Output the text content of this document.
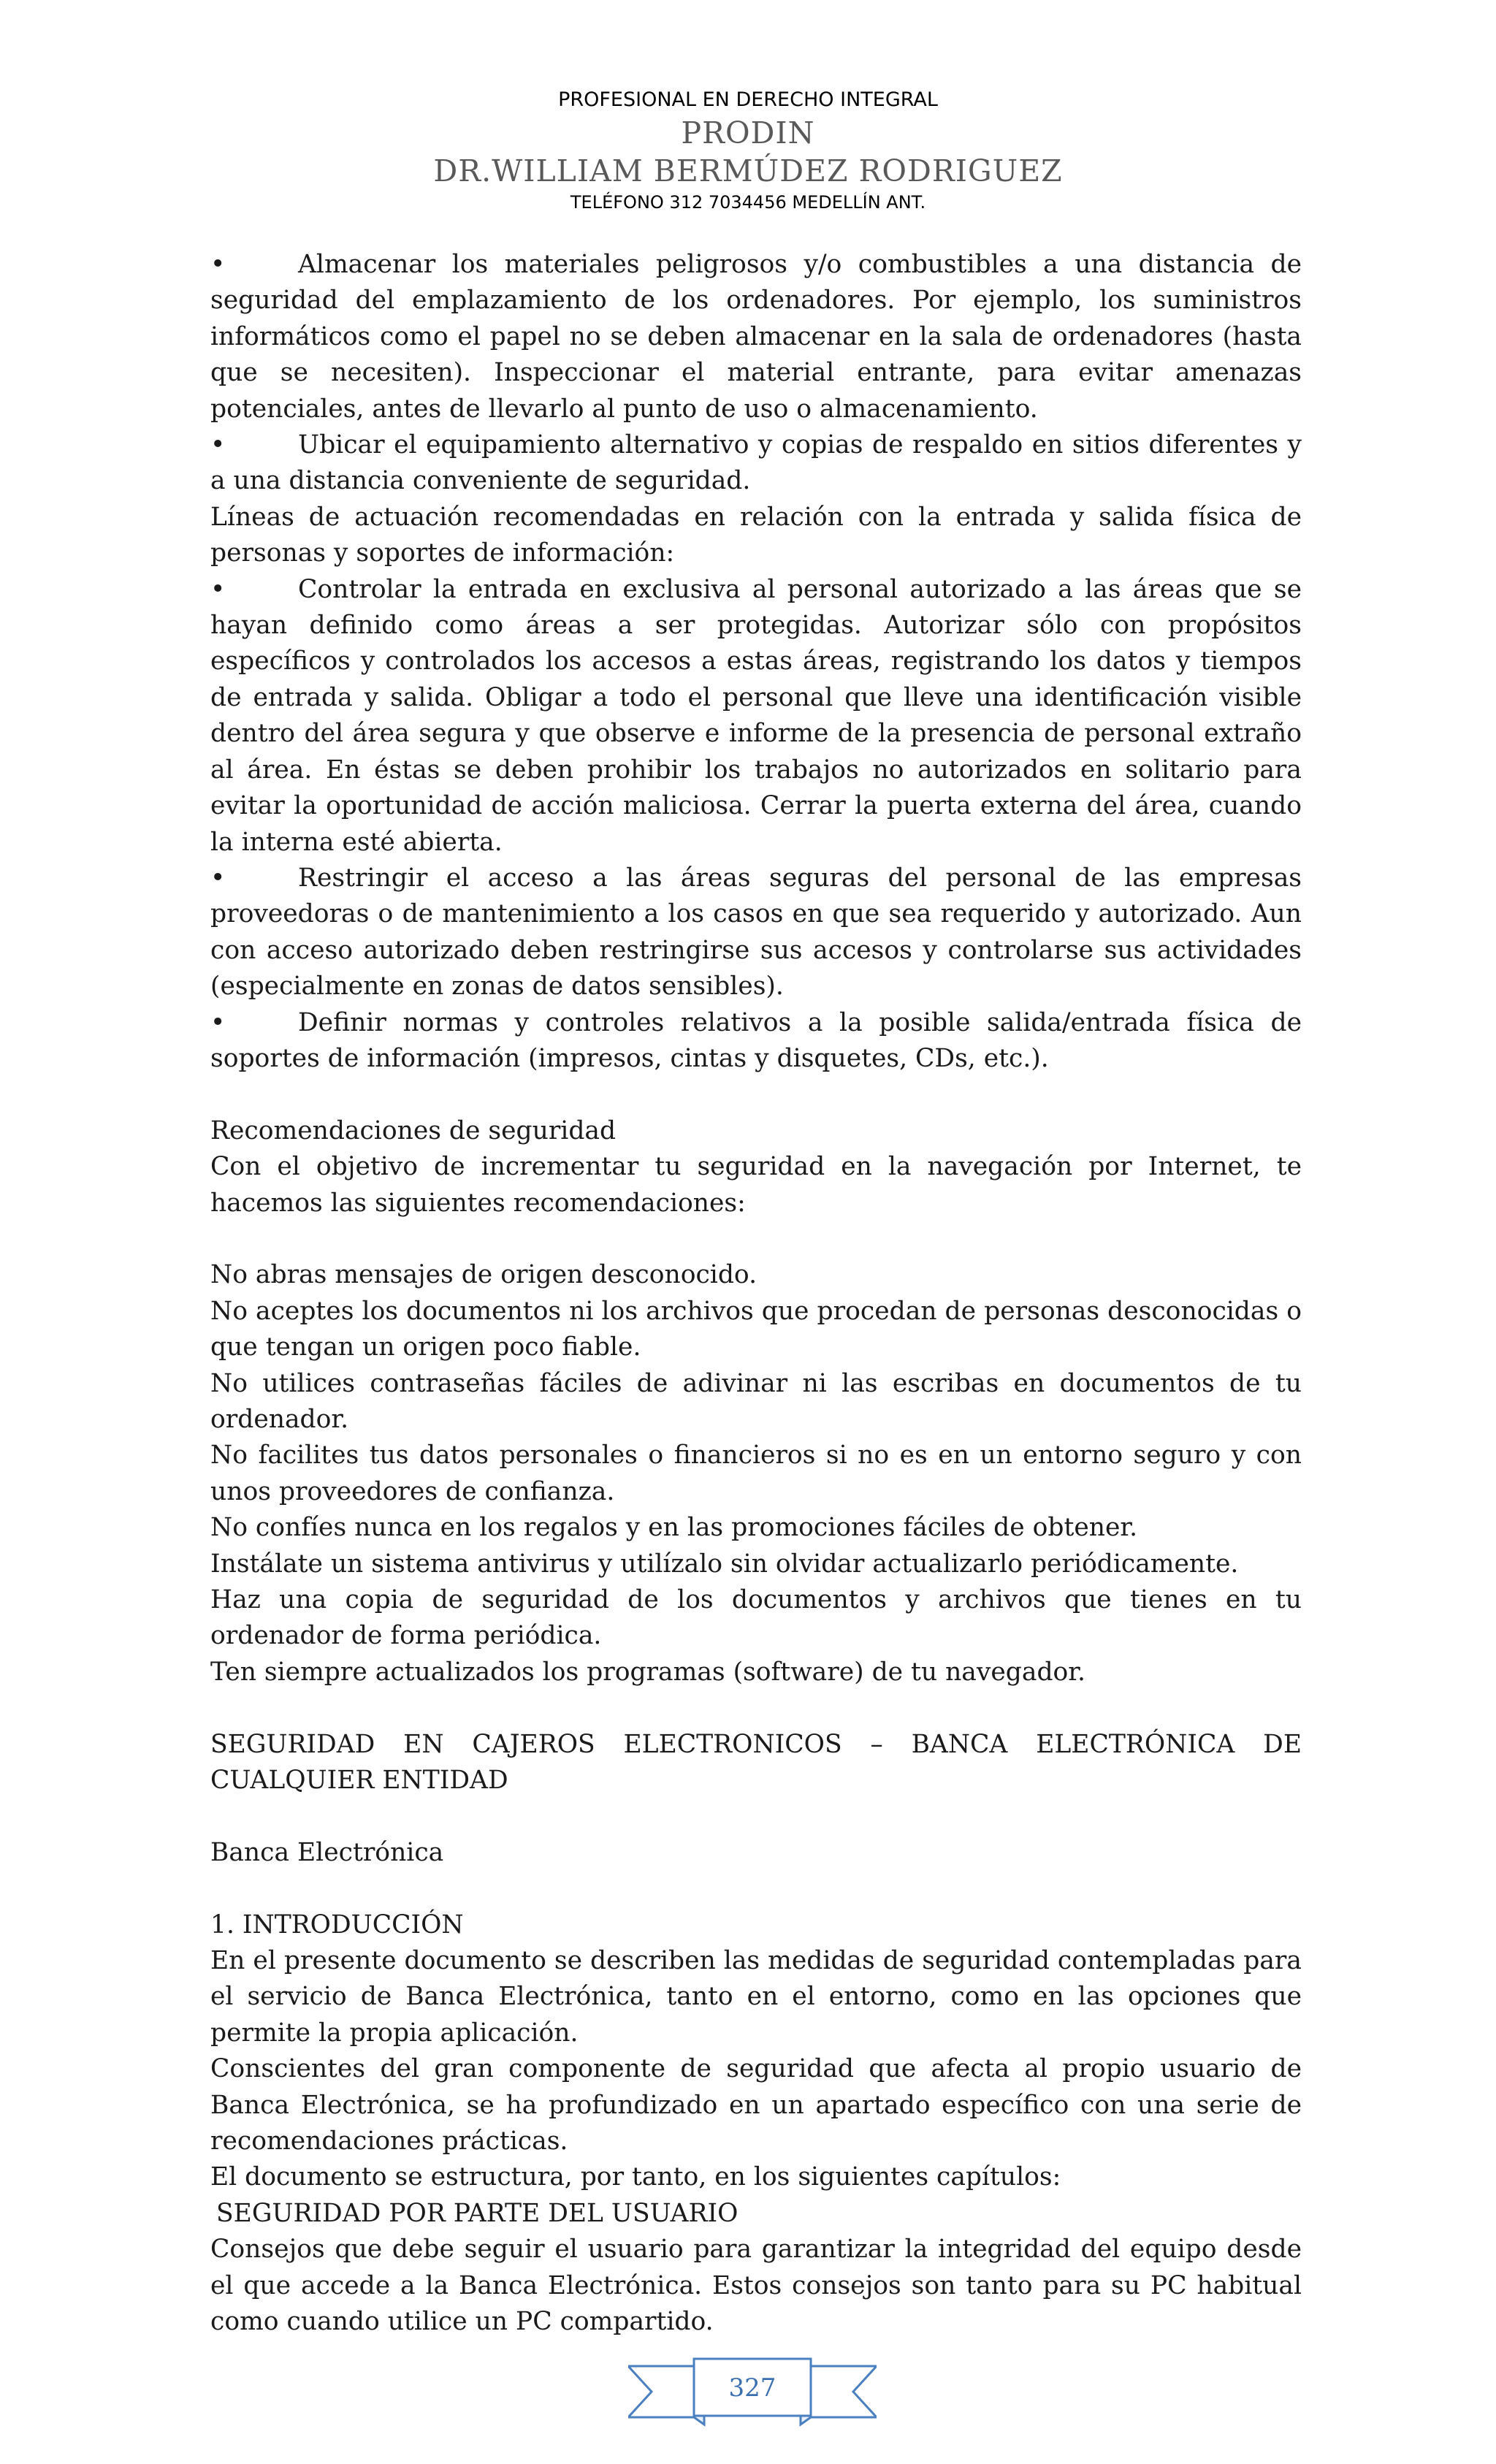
PROFESIONAL EN DERECHO INTEGRAL
PRODIN
DR.WILLIAM BERMÚDEZ RODRIGUEZ
TELÉFONO 312 7034456 MEDELLÍN ANT.

•	Almacenar los materiales peligrosos y/o combustibles a una distancia de seguridad del emplazamiento de los ordenadores. Por ejemplo, los suministros informáticos como el papel no se deben almacenar en la sala de ordenadores (hasta que se necesiten). Inspeccionar el material entrante, para evitar amenazas potenciales, antes de llevarlo al punto de uso o almacenamiento.

•	Ubicar el equipamiento alternativo y copias de respaldo en sitios diferentes y a una distancia conveniente de seguridad.

Líneas de actuación recomendadas en relación con la entrada y salida física de personas y soportes de información:

•	Controlar la entrada en exclusiva al personal autorizado a las áreas que se hayan definido como áreas a ser protegidas. Autorizar sólo con propósitos específicos y controlados los accesos a estas áreas, registrando los datos y tiempos de entrada y salida. Obligar a todo el personal que lleve una identificación visible dentro del área segura y que observe e informe de la presencia de personal extraño al área. En éstas se deben prohibir los trabajos no autorizados en solitario para evitar la oportunidad de acción maliciosa. Cerrar la puerta externa del área, cuando la interna esté abierta.

•	Restringir el acceso a las áreas seguras del personal de las empresas proveedoras o de mantenimiento a los casos en que sea requerido y autorizado. Aun con acceso autorizado deben restringirse sus accesos y controlarse sus actividades (especialmente en zonas de datos sensibles).

•	Definir normas y controles relativos a la posible salida/entrada física de soportes de información (impresos, cintas y disquetes, CDs, etc.).

Recomendaciones de seguridad

Con el objetivo de incrementar tu seguridad en la navegación por Internet, te hacemos las siguientes recomendaciones:

No abras mensajes de origen desconocido.

No aceptes los documentos ni los archivos que procedan de personas desconocidas o que tengan un origen poco fiable.

No utilices contraseñas fáciles de adivinar ni las escribas en documentos de tu ordenador.

No facilites tus datos personales o financieros si no es en un entorno seguro y con unos proveedores de confianza.

No confíes nunca en los regalos y en las promociones fáciles de obtener.

Instálate un sistema antivirus y utilízalo sin olvidar actualizarlo periódicamente.

Haz una copia de seguridad de los documentos y archivos que tienes en tu ordenador de forma periódica.

Ten siempre actualizados los programas (software) de tu navegador.

SEGURIDAD EN CAJEROS ELECTRONICOS – BANCA ELECTRÓNICA DE CUALQUIER ENTIDAD

Banca Electrónica

1. INTRODUCCIÓN

En el presente documento se describen las medidas de seguridad contempladas para el servicio de Banca Electrónica, tanto en el entorno, como en las opciones que permite la propia aplicación.

Conscientes del gran componente de seguridad que afecta al propio usuario de Banca Electrónica, se ha profundizado en un apartado específico con una serie de recomendaciones prácticas.

El documento se estructura, por tanto, en los siguientes capítulos:

SEGURIDAD POR PARTE DEL USUARIO

Consejos que debe seguir el usuario para garantizar la integridad del equipo desde el que accede a la Banca Electrónica. Estos consejos son tanto para su PC habitual como cuando utilice un PC compartido.

327
